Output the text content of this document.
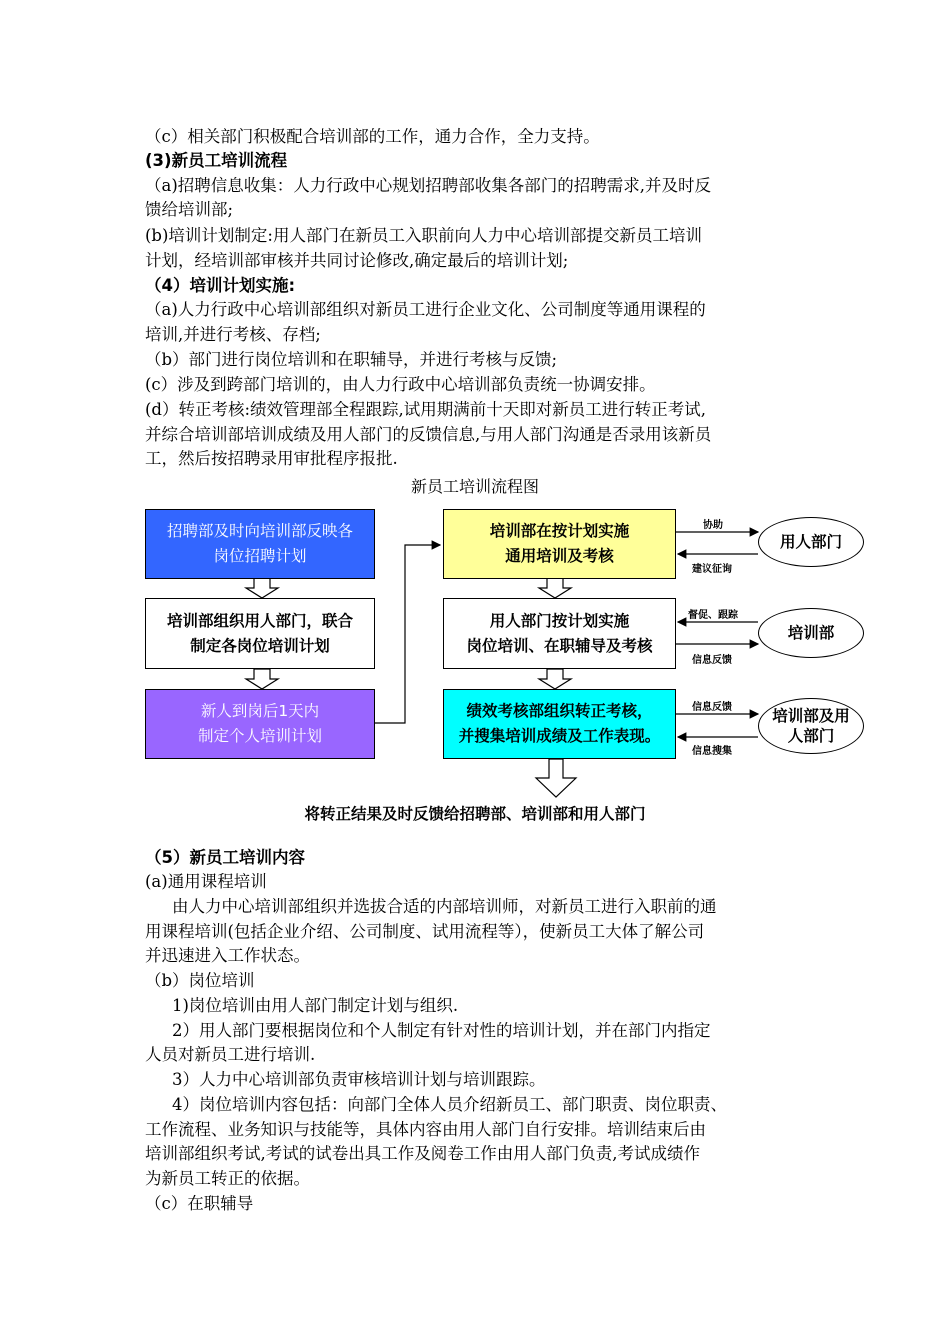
（c）相关部门积极配合培训部的工作，通力合作，全力支持。
(3)新员工培训流程
（a)招聘信息收集：人力行政中心规划招聘部收集各部门的招聘需求,并及时反
馈给培训部;
(b)培训计划制定:用人部门在新员工入职前向人力中心培训部提交新员工培训
计划，经培训部审核并共同讨论修改,确定最后的培训计划;
（4）培训计划实施:
（a)人力行政中心培训部组织对新员工进行企业文化、公司制度等通用课程的
培训,并进行考核、存档;
（b）部门进行岗位培训和在职辅导，并进行考核与反馈;
(c）涉及到跨部门培训的，由人力行政中心培训部负责统一协调安排。
(d）转正考核:绩效管理部全程跟踪,试用期满前十天即对新员工进行转正考试,
并综合培训部培训成绩及用人部门的反馈信息,与用人部门沟通是否录用该新员
工，然后按招聘录用审批程序报批.
新员工培训流程图
招聘部及时向培训部反映各
岗位招聘计划
培训部组织用人部门，联合
制定各岗位培训计划
新人到岗后1天内
制定个人培训计划
培训部在按计划实施
通用培训及考核
用人部门按计划实施
岗位培训、在职辅导及考核
绩效考核部组织转正考核，
并搜集培训成绩及工作表现。
用人部门
培训部
培训部及用人部门
协助
建议征询
督促、跟踪
信息反馈
信息反馈
信息搜集
将转正结果及时反馈给招聘部、培训部和用人部门
（5）新员工培训内容
(a)通用课程培训
由人力中心培训部组织并选拔合适的内部培训师，对新员工进行入职前的通
用课程培训(包括企业介绍、公司制度、试用流程等），使新员工大体了解公司
并迅速进入工作状态。
（b）岗位培训
1)岗位培训由用人部门制定计划与组织.
2）用人部门要根据岗位和个人制定有针对性的培训计划，并在部门内指定
人员对新员工进行培训.
3）人力中心培训部负责审核培训计划与培训跟踪。
4）岗位培训内容包括：向部门全体人员介绍新员工、部门职责、岗位职责、
工作流程、业务知识与技能等，具体内容由用人部门自行安排。培训结束后由
培训部组织考试,考试的试卷出具工作及阅卷工作由用人部门负责,考试成绩作
为新员工转正的依据。
（c）在职辅导
